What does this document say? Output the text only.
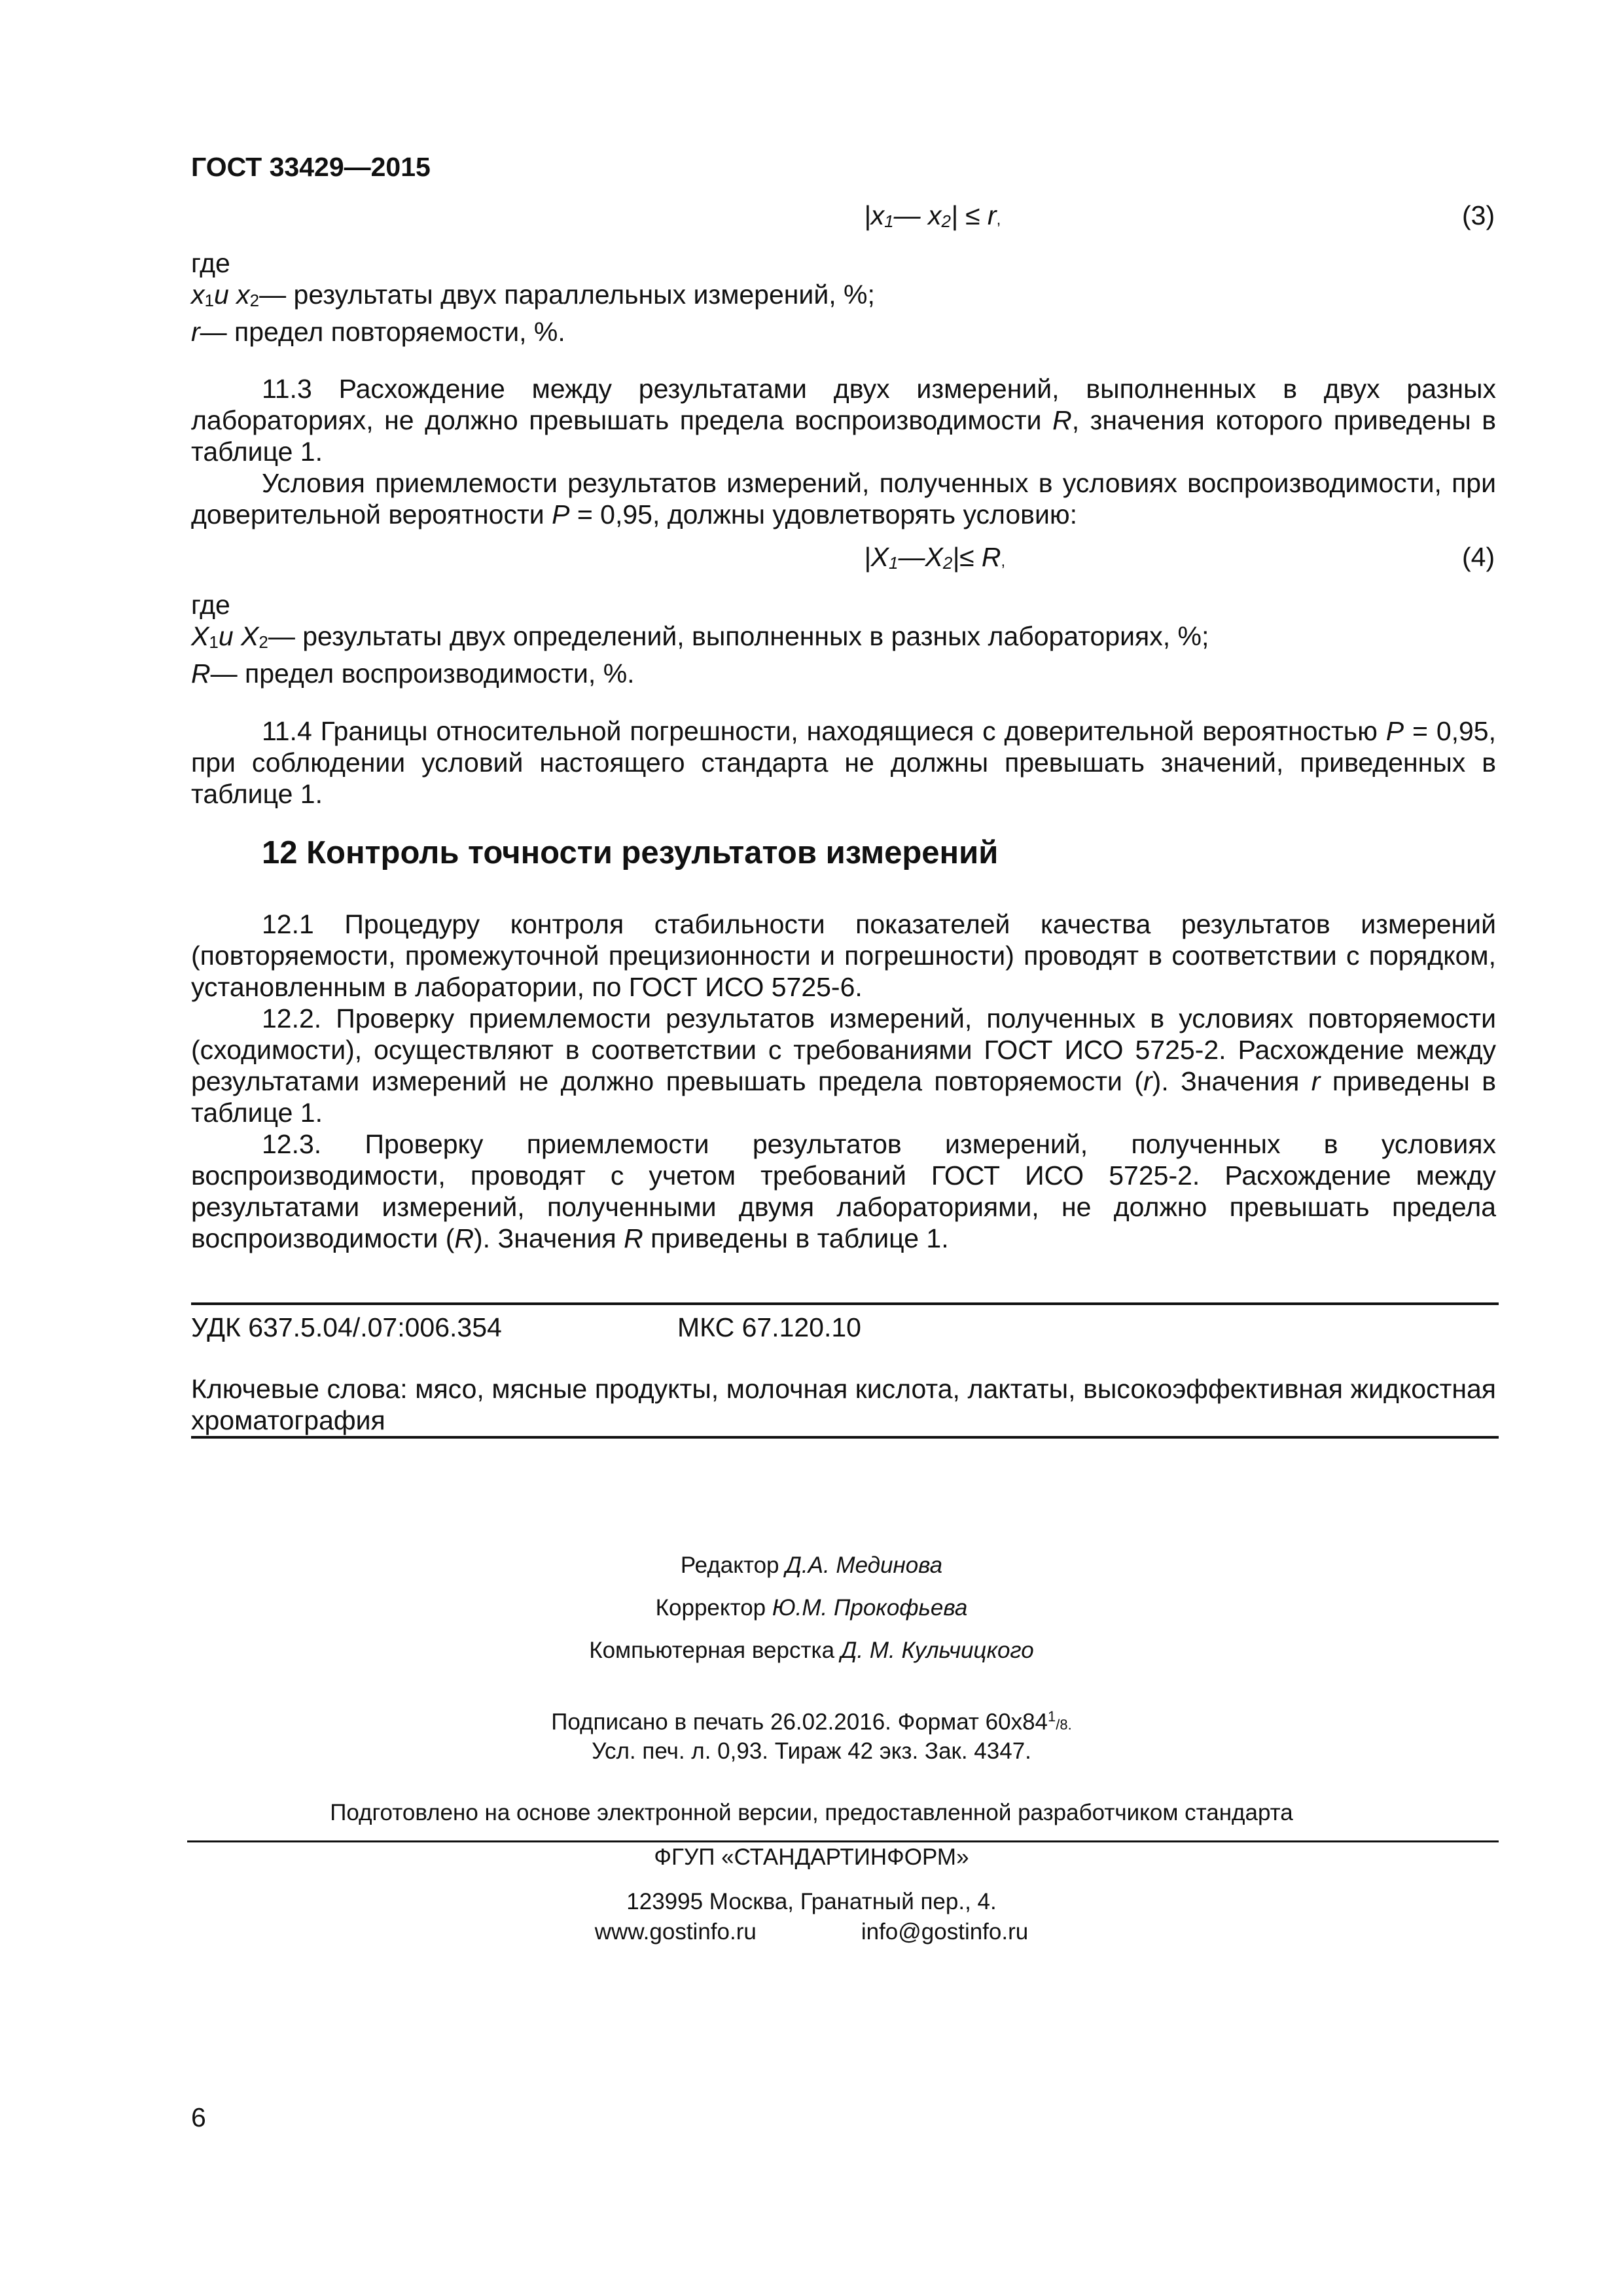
ГОСТ 33429—2015
$|x_1—$ $x_2| \le r$,	(3)
где
$x_1и$ $x_2—$ результаты двух параллельных измерений, %;
r— предел повторяемости, %.

11.3 Расхождение между результатами двух измерений, выполненных в двух разных лабораториях, не должно превышать предела воспроизводимости R, значения которого приведены в таблице 1.

Условия приемлемости результатов измерений, полученных в условиях воспроизводимости, при доверительной вероятности P = 0,95, должны удовлетворять условию:

$|X_1—X_2|\le R$,	(4)
где
$X_1и$ $X_2—$ результаты двух определений, выполненных в разных лабораториях, %;
R— предел воспроизводимости, %.

11.4 Границы относительной погрешности, находящиеся с доверительной вероятностью P = 0,95, при соблюдении условий настоящего стандарта не должны превышать значений, приведенных в таблице 1.

12 Контроль точности результатов измерений

12.1 Процедуру контроля стабильности показателей качества результатов измерений (повторяемости, промежуточной прецизионности и погрешности) проводят в соответствии с порядком, установленным в лаборатории, по ГОСТ ИСО 5725-6.

12.2. Проверку приемлемости результатов измерений, полученных в условиях повторяемости (сходимости), осуществляют в соответствии с требованиями ГОСТ ИСО 5725-2. Расхождение между результатами измерений не должно превышать предела повторяемости (r). Значения r приведены в таблице 1.

12.3. Проверку приемлемости результатов измерений, полученных в условиях воспроизводимости, проводят с учетом требований ГОСТ ИСО 5725-2. Расхождение между результатами измерений, полученными двумя лабораториями, не должно превышать предела воспроизводимости (R). Значения R приведены в таблице 1.

УДК 637.5.04/.07:006.354	МКС 67.120.10

Ключевые слова: мясо, мясные продукты, молочная кислота, лактаты, высокоэффективная жидкостная хроматография

Редактор Д.А. Мединова
Корректор Ю.М. Прокофьева
Компьютерная верстка Д. М. Кульчицкого
Подписано в печать 26.02.2016. Формат $60х84^1/8$.
Усл. печ. л. 0,93. Тираж 42 экз. Зак. 4347.
Подготовлено на основе электронной версии, предоставленной разработчиком стандарта
ФГУП «СТАНДАРТИНФОРМ»
123995 Москва, Гранатный пер., 4.
www.gostinfo.ru	info@gostinfo.ru
6
